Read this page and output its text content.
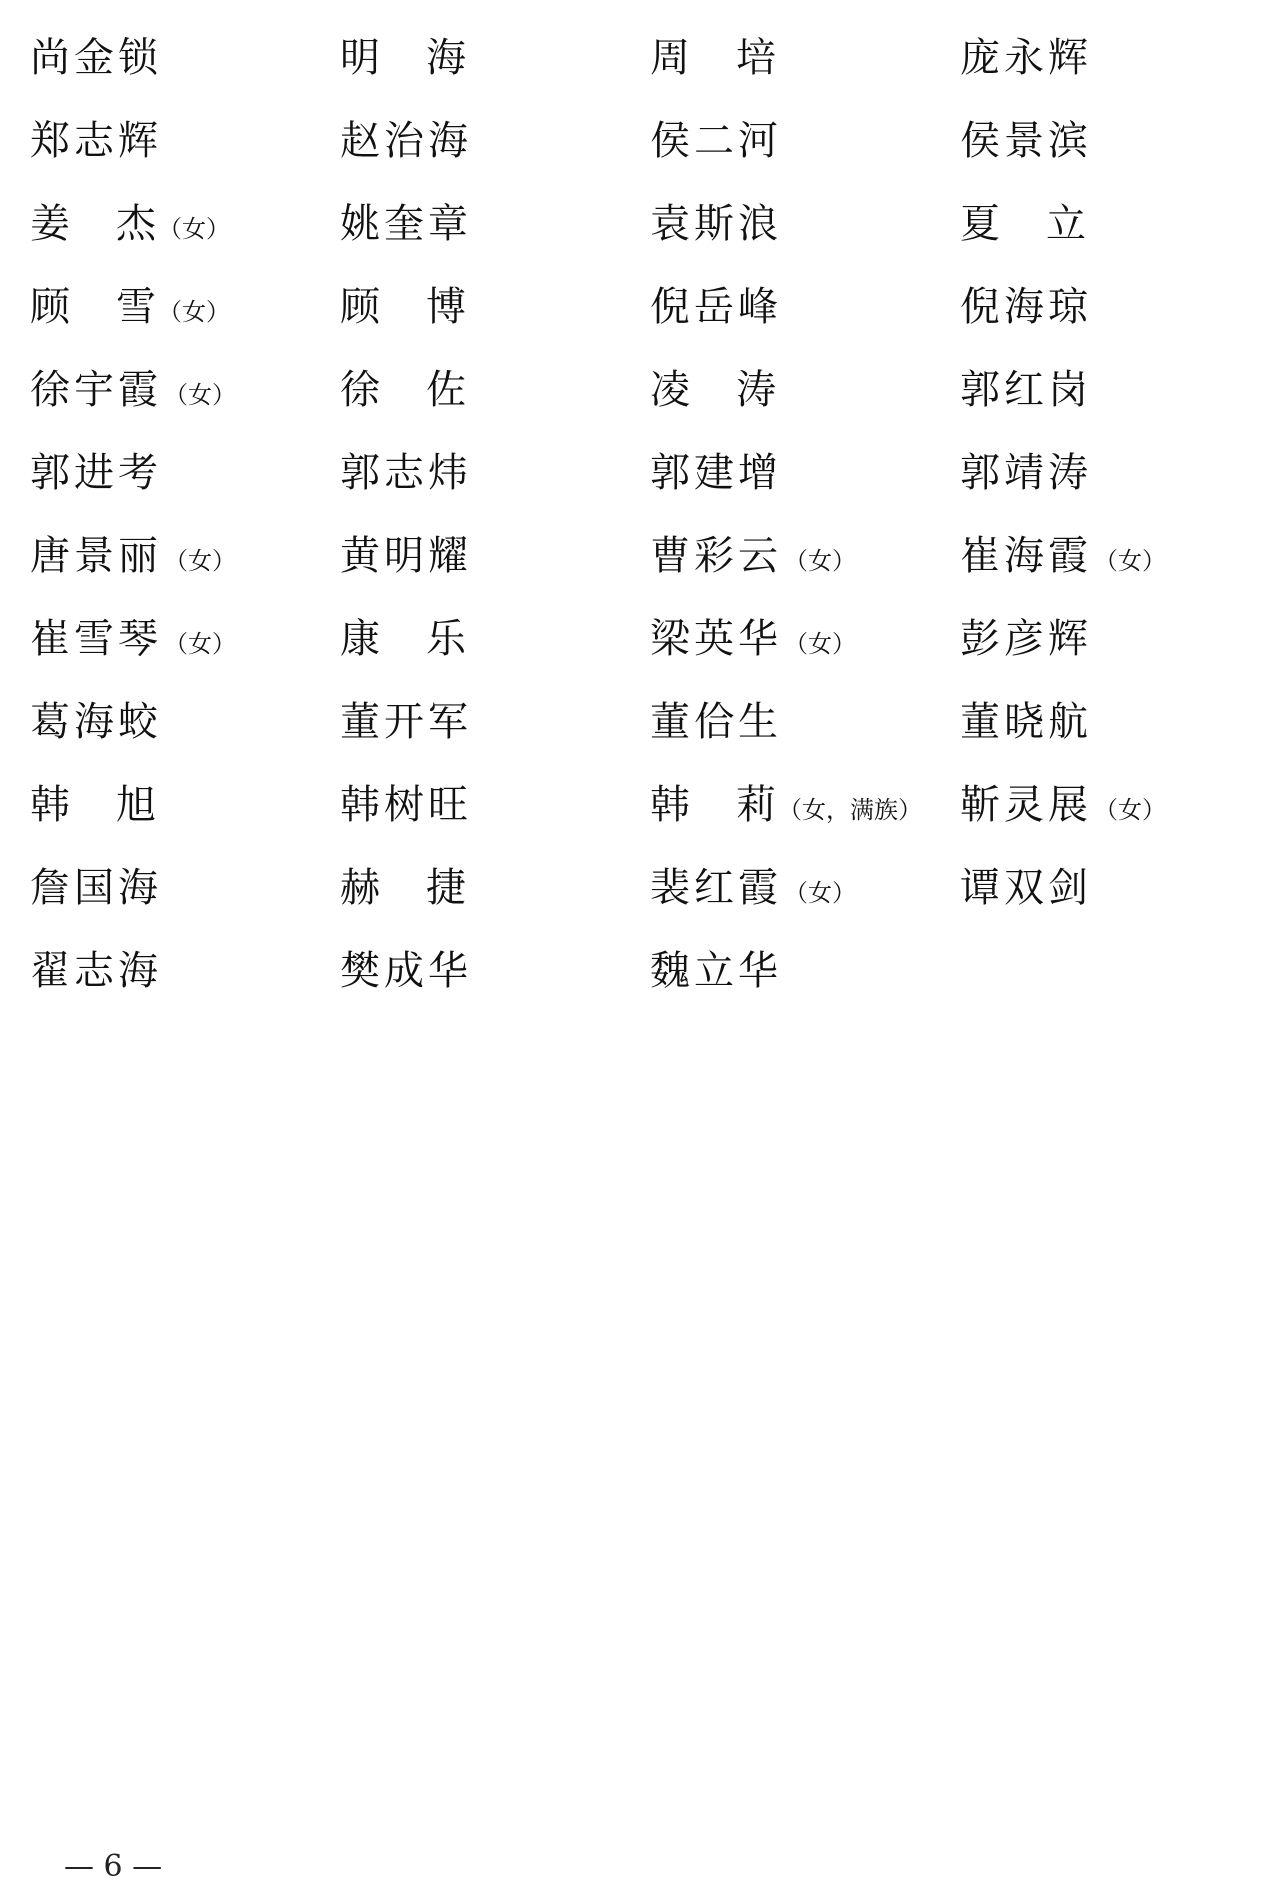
尚金锁	明 海	周 培	庞永辉
郑志辉	赵治海	侯二河	侯景滨
姜 杰 （女）	姚奎章	袁斯浪	夏 立
顾 雪 （女）	顾 博	倪岳峰	倪海琼
徐宇霞 （女）	徐 佐	凌 涛	郭红岗
郭进考	郭志炜	郭建增	郭靖涛
唐景丽 （女）	黄明耀	曹彩云 （女）	崔海霞 （女）
崔雪琴 （女）	康 乐	梁英华 （女）	彭彦辉
葛海蛟	董开军	董佮生	董晓航
韩 旭	韩树旺	韩 莉 （女，满族） 靳灵展 （女）
詹国海	赫 捷	裴红霞 （女）	谭双剑
翟志海	樊成华	魏立华
— 6 —
